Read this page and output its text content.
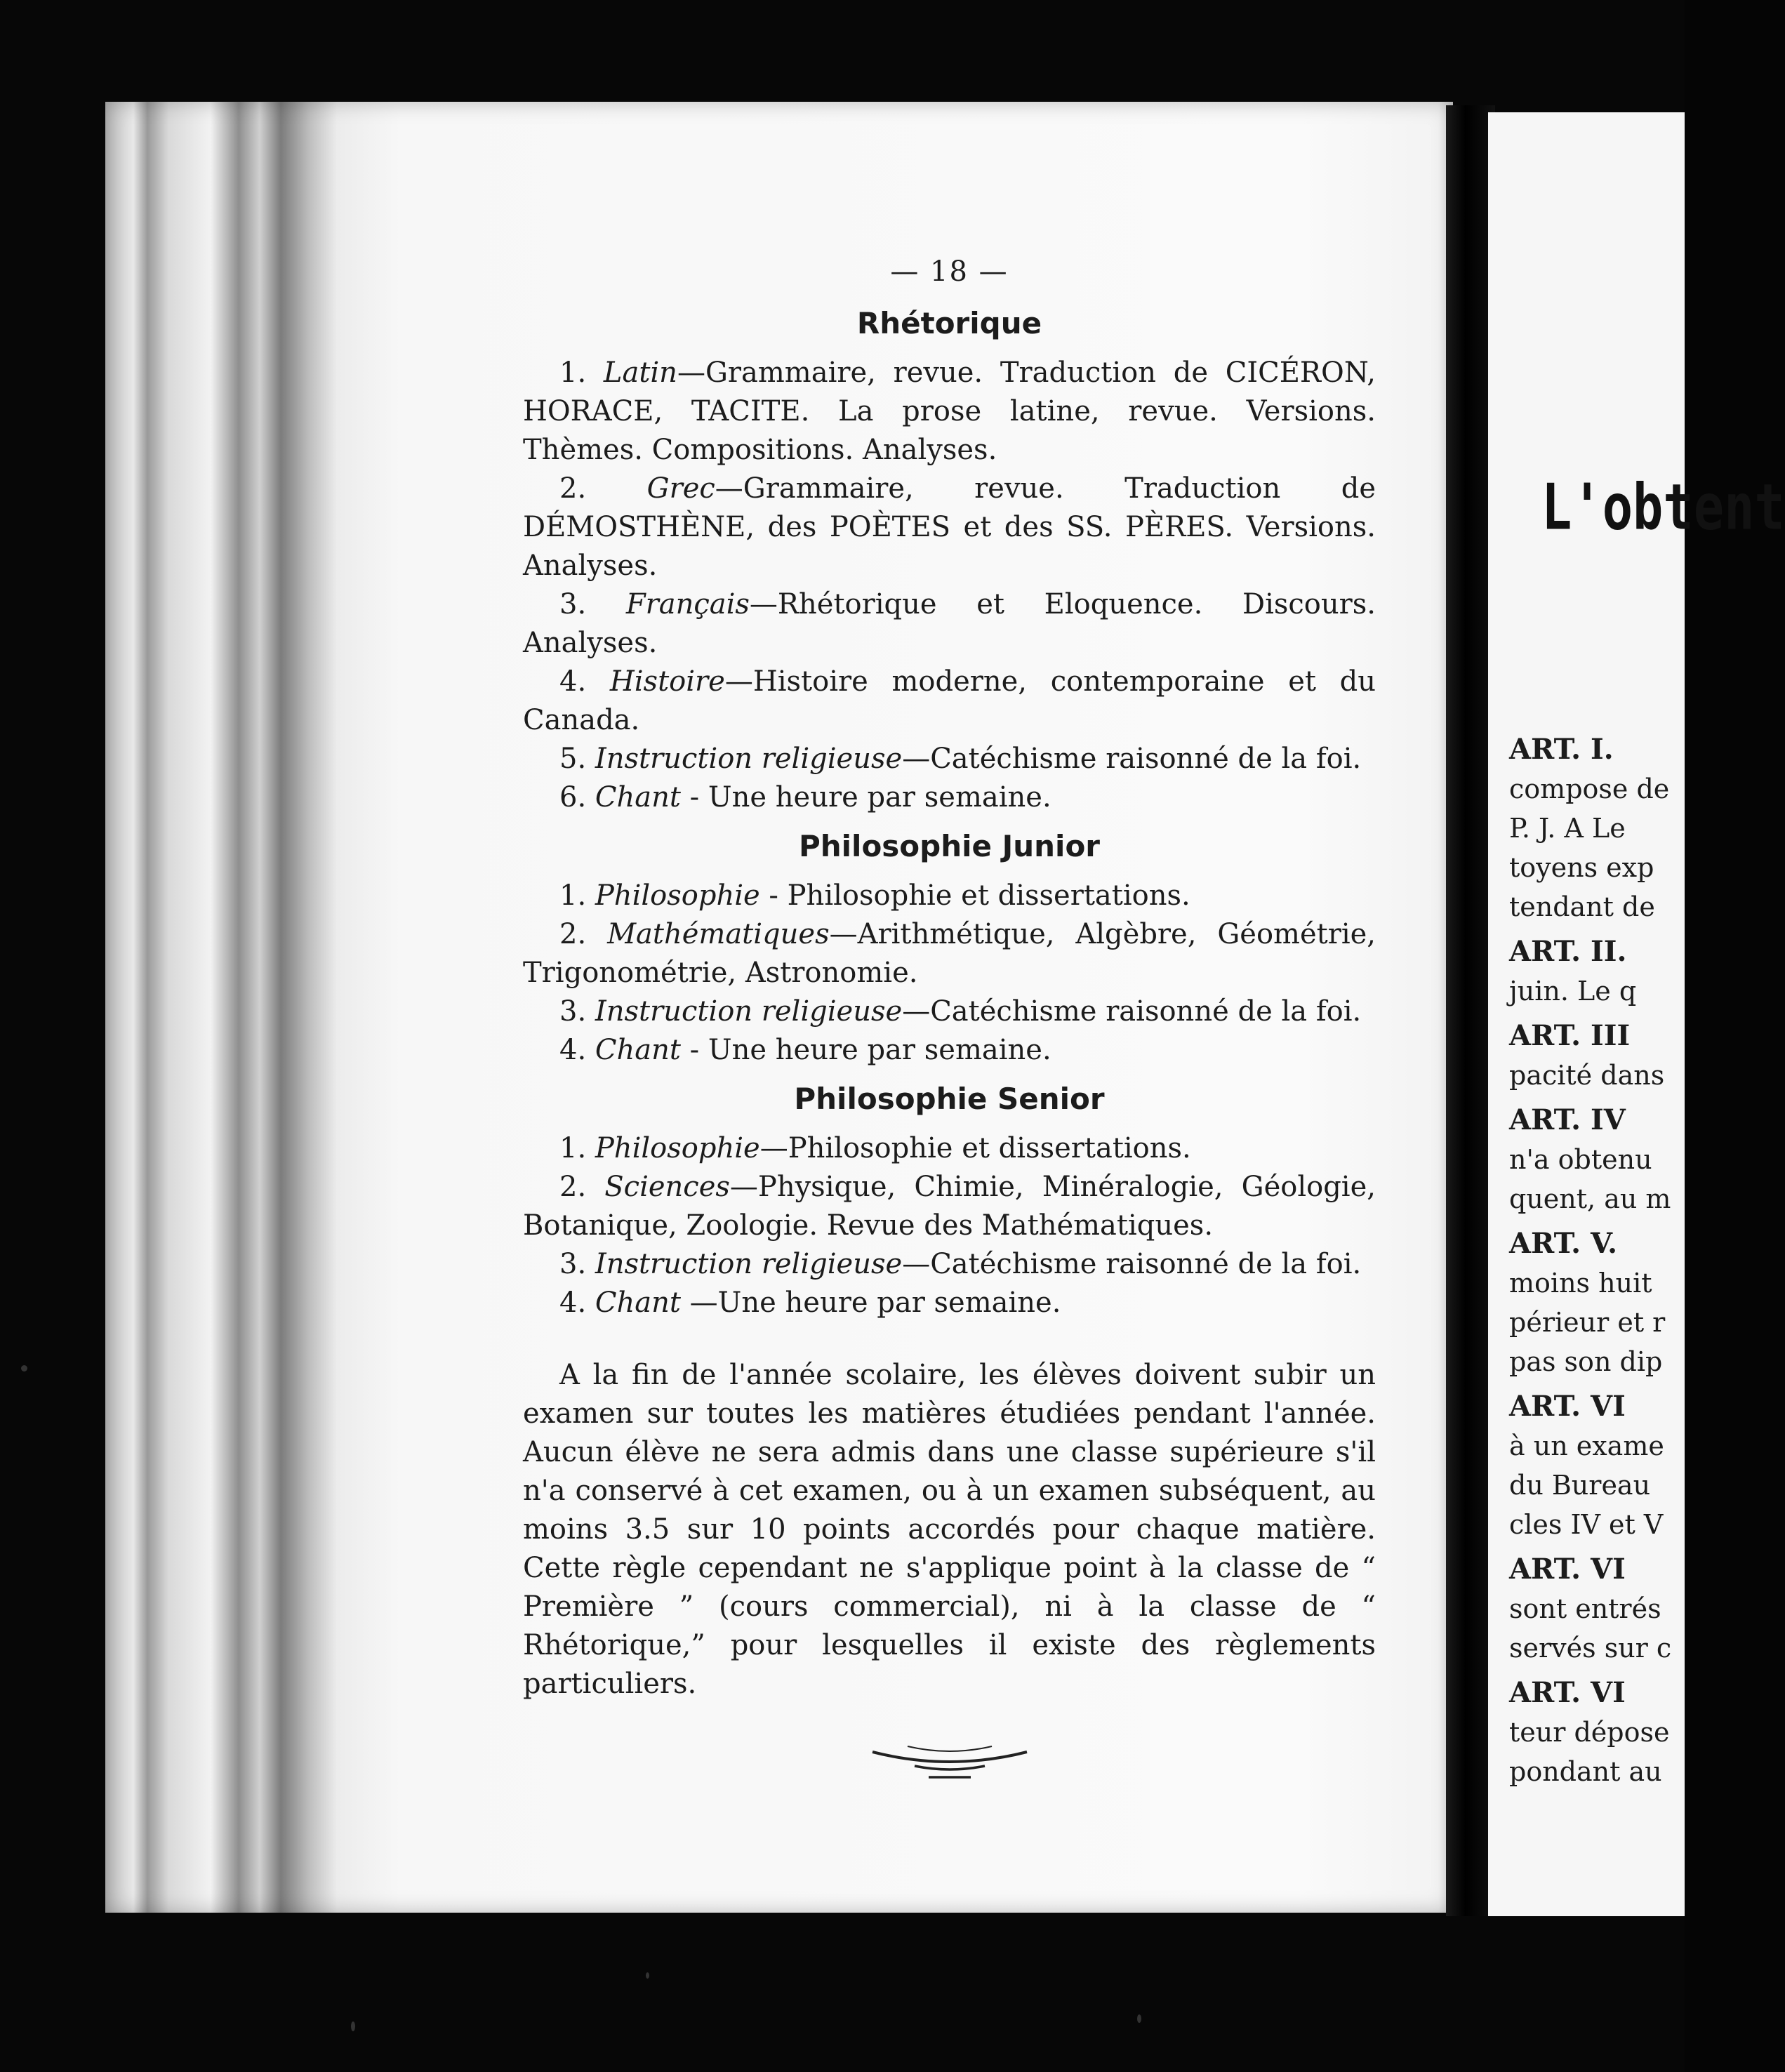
— 18 —
Rhétorique
1. Latin—Grammaire, revue. Traduction de CICÉRON, HORACE, TACITE. La prose latine, revue. Versions. Thèmes. Compositions. Analyses.
2. Grec—Grammaire, revue. Traduction de DÉMOSTHÈNE, des POÈTES et des SS. PÈRES. Versions. Analyses.
3. Français—Rhétorique et Eloquence. Discours. Analyses.
4. Histoire—Histoire moderne, contemporaine et du Canada.
5. Instruction religieuse—Catéchisme raisonné de la foi.
6. Chant - Une heure par semaine.
Philosophie Junior
1. Philosophie - Philosophie et dissertations.
2. Mathématiques—Arithmétique, Algèbre, Géométrie, Trigonométrie, Astronomie.
3. Instruction religieuse—Catéchisme raisonné de la foi.
4. Chant - Une heure par semaine.
Philosophie Senior
1. Philosophie—Philosophie et dissertations.
2. Sciences—Physique, Chimie, Minéralogie, Géologie, Botanique, Zoologie. Revue des Mathématiques.
3. Instruction religieuse—Catéchisme raisonné de la foi.
4. Chant —Une heure par semaine.
A la fin de l'année scolaire, les élèves doivent subir un examen sur toutes les matières étudiées pendant l'année. Aucun élève ne sera admis dans une classe supérieure s'il n'a conservé à cet examen, ou à un examen subséquent, au moins 3.5 sur 10 points accordés pour chaque matière. Cette règle cependant ne s'applique point à la classe de “ Première ” (cours commercial), ni à la classe de “ Rhétorique,” pour lesquelles il existe des règlements particuliers.
L'obtent
ART. I.
compose de
P. J. A Le
toyens exp
tendant de
ART. II.
juin. Le q
ART. III
pacité dans
ART. IV
n'a obtenu
quent, au m
ART. V.
moins huit
périeur et r
pas son dip
ART. VI
à un exame
du Bureau
cles IV et V
ART. VI
sont entrés
servés sur c
ART. VI
teur dépose
pondant au
